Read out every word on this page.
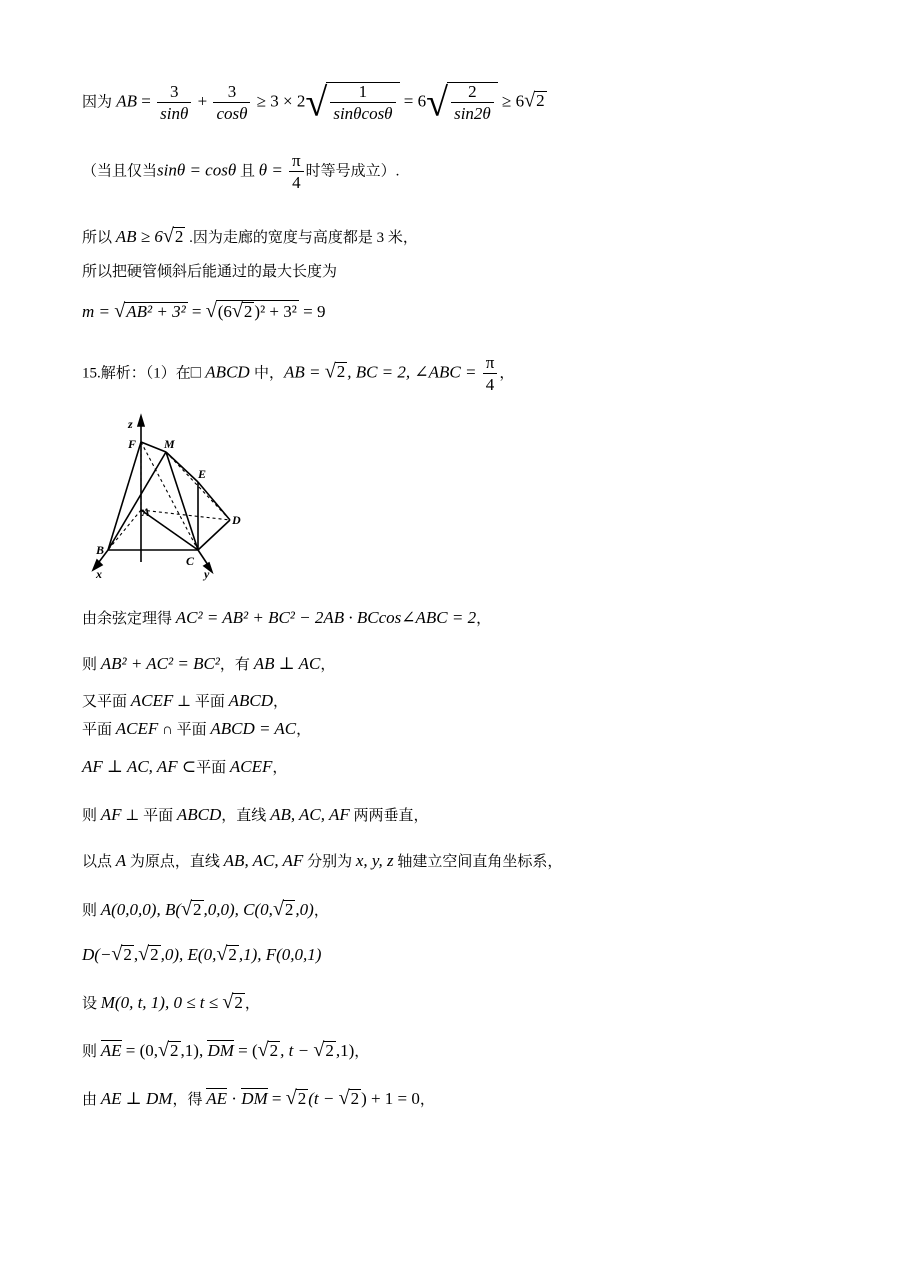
因为 AB = $\frac{3}{\sin\theta} + \frac{3}{\cos\theta} \ge 3 \times 2√ \frac{1}{\sin\theta\cos\theta} = 6√ \frac{2}{\sin 2\theta} \ge 6√2$
（当且仅当sinθ = cosθ 且 $\theta = \frac{\pi}{4}$ 时等号成立）.
所以 AB ≥ 6√2 .因为走廊的宽度与高度都是 3 米，
所以把硬管倾斜后能通过的最大长度为
m = √AB² + 3² = √(6√2 )² + 3² = 9
15.解析：（1）在□ ABCD 中，AB = √2 , BC = 2, ∠ABC = $\frac{\pi}{4}$ ，
z
F M
E
A
D
B
C
x	y
由余弦定理得 AC² = AB² + BC² − 2AB · BCcos∠ABC = 2，
则 AB² + AC² = BC²，有 AB ⊥ AC，
又平面 ACEF ⊥ 平面 ABCD，
平面 ACEF ∩ 平面 ABCD = AC，
AF ⊥ AC, AF ⊂平面 ACEF，
则 AF ⊥ 平面 ABCD，直线 AB, AC, AF 两两垂直，
以点 A 为原点，直线 AB, AC, AF 分别为 x, y, z 轴建立空间直角坐标系，
则 A(0,0,0), B(√2 ,0,0), C(0,√2 ,0)，
D(−√2 ,√2 ,0), E(0,√2 ,1), F(0,0,1)
设 M(0, t, 1), 0 ≤ t ≤ √2 ，
则 AE = (0,√2 ,1), DM = (√2 , t − √2 ,1)，
由 AE ⊥ DM，得 AE · DM = √2 (t − √2 ) + 1 = 0，
